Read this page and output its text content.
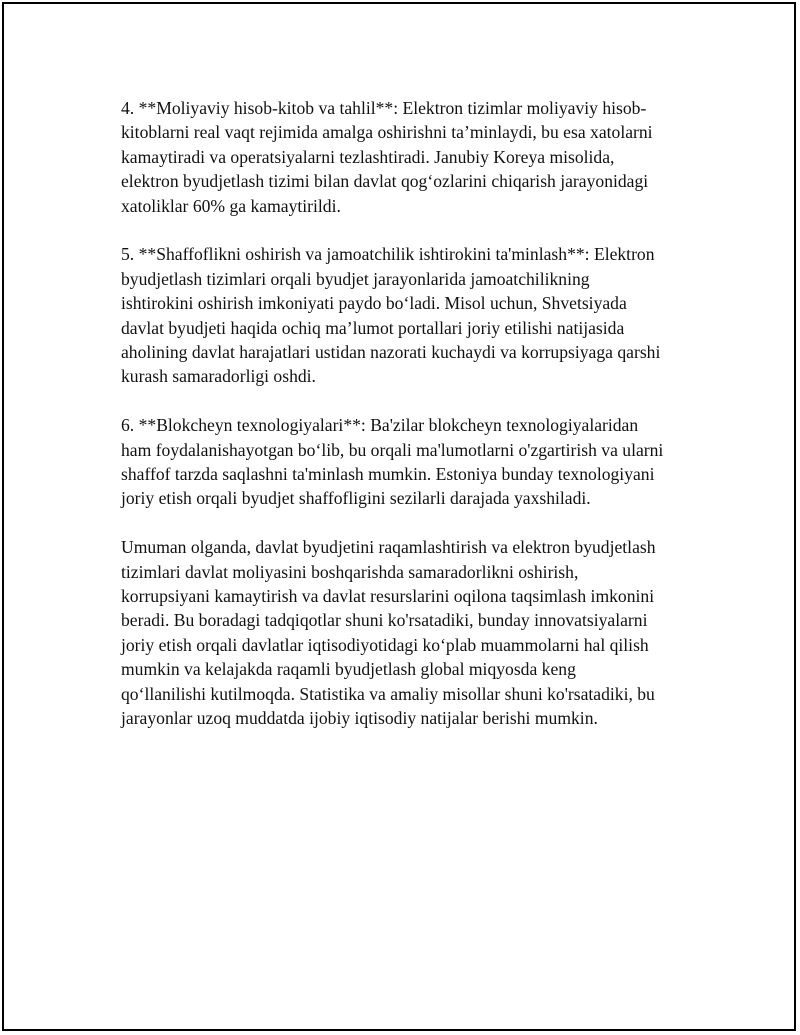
4. **Moliyaviy hisob-kitob va tahlil**: Elektron tizimlar moliyaviy hisob-
kitoblarni real vaqt rejimida amalga oshirishni ta’minlaydi, bu esa xatolarni
kamaytiradi va operatsiyalarni tezlashtiradi. Janubiy Koreya misolida,
elektron byudjetlash tizimi bilan davlat qog‘ozlarini chiqarish jarayonidagi
xatoliklar 60% ga kamaytirildi.

5. **Shaffoflikni oshirish va jamoatchilik ishtirokini ta'minlash**: Elektron
byudjetlash tizimlari orqali byudjet jarayonlarida jamoatchilikning
ishtirokini oshirish imkoniyati paydo bo‘ladi. Misol uchun, Shvetsiyada
davlat byudjeti haqida ochiq ma’lumot portallari joriy etilishi natijasida
aholining davlat harajatlari ustidan nazorati kuchaydi va korrupsiyaga qarshi
kurash samaradorligi oshdi.

6. **Blokcheyn texnologiyalari**: Ba'zilar blokcheyn texnologiyalaridan
ham foydalanishayotgan bo‘lib, bu orqali ma'lumotlarni o'zgartirish va ularni
shaffof tarzda saqlashni ta'minlash mumkin. Estoniya bunday texnologiyani
joriy etish orqali byudjet shaffofligini sezilarli darajada yaxshiladi.

Umuman olganda, davlat byudjetini raqamlashtirish va elektron byudjetlash
tizimlari davlat moliyasini boshqarishda samaradorlikni oshirish,
korrupsiyani kamaytirish va davlat resurslarini oqilona taqsimlash imkonini
beradi. Bu boradagi tadqiqotlar shuni ko'rsatadiki, bunday innovatsiyalarni
joriy etish orqali davlatlar iqtisodiyotidagi ko‘plab muammolarni hal qilish
mumkin va kelajakda raqamli byudjetlash global miqyosda keng
qo‘llanilishi kutilmoqda. Statistika va amaliy misollar shuni ko'rsatadiki, bu
jarayonlar uzoq muddatda ijobiy iqtisodiy natijalar berishi mumkin.
